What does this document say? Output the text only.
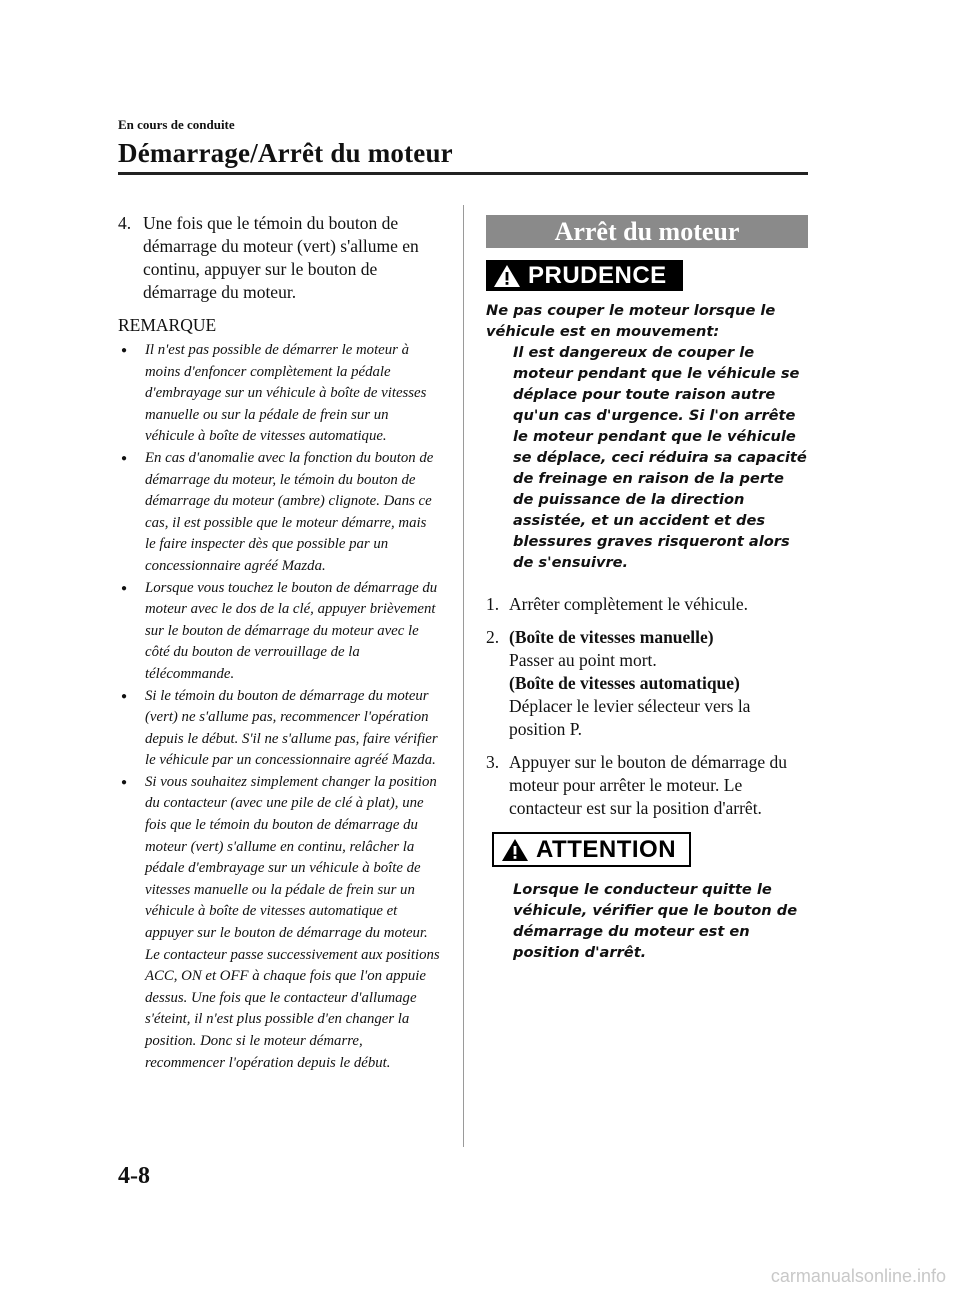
En cours de conduite

Démarrage/Arrêt du moteur
4. Une fois que le témoin du bouton de démarrage du moteur (vert) s'allume en continu, appuyer sur le bouton de démarrage du moteur.

REMARQUE

●	Il n'est pas possible de démarrer le moteur à moins d'enfoncer complètement la pédale d'embrayage sur un véhicule à boîte de vitesses manuelle ou sur la pédale de frein sur un véhicule à boîte de vitesses automatique.
●	En cas d'anomalie avec la fonction du bouton de démarrage du moteur, le témoin du bouton de démarrage du moteur (ambre) clignote. Dans ce cas, il est possible que le moteur démarre, mais le faire inspecter dès que possible par un concessionnaire agréé Mazda.
●	Lorsque vous touchez le bouton de démarrage du moteur avec le dos de la clé, appuyer brièvement sur le bouton de démarrage du moteur avec le côté du bouton de verrouillage de la télécommande.
●	Si le témoin du bouton de démarrage du moteur (vert) ne s'allume pas, recommencer l'opération depuis le début. S'il ne s'allume pas, faire vérifier le véhicule par un concessionnaire agréé Mazda.
●	Si vous souhaitez simplement changer la position du contacteur (avec une pile de clé à plat), une fois que le témoin du bouton de démarrage du moteur (vert) s'allume en continu, relâcher la pédale d'embrayage sur un véhicule à boîte de vitesses manuelle ou la pédale de frein sur un véhicule à boîte de vitesses automatique et appuyer sur le bouton de démarrage du moteur. Le contacteur passe successivement aux positions ACC, ON et OFF à chaque fois que l'on appuie dessus. Une fois que le contacteur d'allumage s'éteint, il n'est plus possible d'en changer la position. Donc si le moteur démarre, recommencer l'opération depuis le début.
Arrêt du moteur
PRUDENCE
Ne pas couper le moteur lorsque le véhicule est en mouvement:
Il est dangereux de couper le moteur pendant que le véhicule se déplace pour toute raison autre qu'un cas d'urgence. Si l'on arrête le moteur pendant que le véhicule se déplace, ceci réduira sa capacité de freinage en raison de la perte de puissance de la direction assistée, et un accident et des blessures graves risqueront alors de s'ensuivre.
1. Arrêter complètement le véhicule.
2. (Boîte de vitesses manuelle)
Passer au point mort.
(Boîte de vitesses automatique)
Déplacer le levier sélecteur vers la position P.
3. Appuyer sur le bouton de démarrage du moteur pour arrêter le moteur. Le contacteur est sur la position d'arrêt.
ATTENTION
Lorsque le conducteur quitte le véhicule, vérifier que le bouton de démarrage du moteur est en position d'arrêt.
4-8
carmanualsonline.info
